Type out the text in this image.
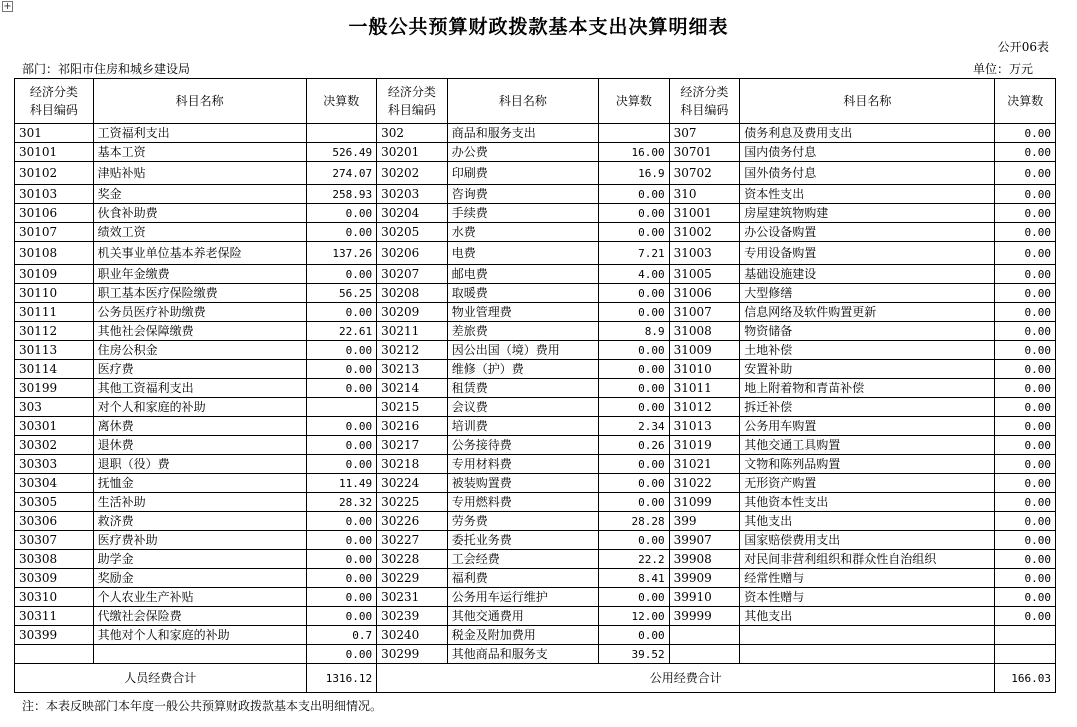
+
一般公共预算财政拨款基本支出决算明细表
公开06表
部门：祁阳市住房和城乡建设局	单位：万元
经济分类
科目编码	科目名称	决算数	经济分类
科目编码	科目名称	决算数	经济分类
科目编码	科目名称	决算数
301	工资福利支出		302	商品和服务支出		307	债务利息及费用支出	0.00
30101	基本工资	526.49	30201	办公费	16.00	30701	国内债务付息	0.00
30102	津贴补贴	274.07	30202	印刷费	16.9	30702	国外债务付息	0.00
30103	奖金	258.93	30203	咨询费	0.00	310	资本性支出	0.00
30106	伙食补助费	0.00	30204	手续费	0.00	31001	房屋建筑物购建	0.00
30107	绩效工资	0.00	30205	水费	0.00	31002	办公设备购置	0.00
30108	机关事业单位基本养老保险	137.26	30206	电费	7.21	31003	专用设备购置	0.00
30109	职业年金缴费	0.00	30207	邮电费	4.00	31005	基础设施建设	0.00
30110	职工基本医疗保险缴费	56.25	30208	取暖费	0.00	31006	大型修缮	0.00
30111	公务员医疗补助缴费	0.00	30209	物业管理费	0.00	31007	信息网络及软件购置更新	0.00
30112	其他社会保障缴费	22.61	30211	差旅费	8.9	31008	物资储备	0.00
30113	住房公积金	0.00	30212	因公出国（境）费用	0.00	31009	土地补偿	0.00
30114	医疗费	0.00	30213	维修（护）费	0.00	31010	安置补助	0.00
30199	其他工资福利支出	0.00	30214	租赁费	0.00	31011	地上附着物和青苗补偿	0.00
303	对个人和家庭的补助		30215	会议费	0.00	31012	拆迁补偿	0.00
30301	离休费	0.00	30216	培训费	2.34	31013	公务用车购置	0.00
30302	退休费	0.00	30217	公务接待费	0.26	31019	其他交通工具购置	0.00
30303	退职（役）费	0.00	30218	专用材料费	0.00	31021	文物和陈列品购置	0.00
30304	抚恤金	11.49	30224	被装购置费	0.00	31022	无形资产购置	0.00
30305	生活补助	28.32	30225	专用燃料费	0.00	31099	其他资本性支出	0.00
30306	救济费	0.00	30226	劳务费	28.28	399	其他支出	0.00
30307	医疗费补助	0.00	30227	委托业务费	0.00	39907	国家赔偿费用支出	0.00
30308	助学金	0.00	30228	工会经费	22.2	39908	对民间非营利组织和群众性自治组织	0.00
30309	奖励金	0.00	30229	福利费	8.41	39909	经常性赠与	0.00
30310	个人农业生产补贴	0.00	30231	公务用车运行维护	0.00	39910	资本性赠与	0.00
30311	代缴社会保险费	0.00	30239	其他交通费用	12.00	39999	其他支出	0.00
30399	其他对个人和家庭的补助	0.7	30240	税金及附加费用	0.00			
		0.00	30299	其他商品和服务支	39.52			
人员经费合计		1316.12	公用经费合计					166.03
注：本表反映部门本年度一般公共预算财政拨款基本支出明细情况。
